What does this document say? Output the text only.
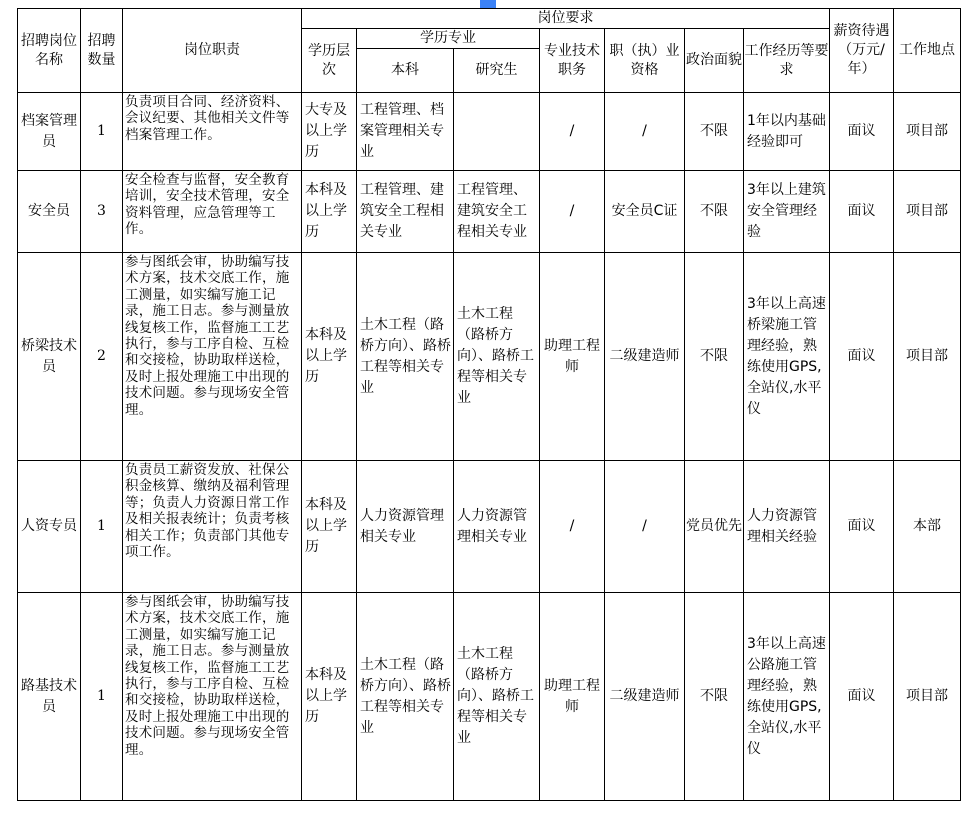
招聘岗位名称	招聘数量	岗位职责	岗位要求							薪资待遇（万元/年）	工作地点
			学历层次	学历专业		专业技术职务	职（执）业资格	政治面貌	工作经历等要求		
				本科	研究生						
档案管理员	1	负责项目合同、经济资料、会议纪要、其他相关文件等档案管理工作。	大专及以上学历	工程管理、档案管理相关专业		/	/	不限	1年以内基础经验即可	面议	项目部
安全员	3	安全检查与监督，安全教育培训，安全技术管理，安全资料管理，应急管理等工作。	本科及以上学历	工程管理、建筑安全工程相关专业	工程管理、建筑安全工程相关专业	/	安全员C证	不限	3年以上建筑安全管理经验	面议	项目部
桥梁技术员	2	参与图纸会审，协助编写技术方案，技术交底工作，施工测量，如实编写施工记录，施工日志。参与测量放线复核工作，监督施工工艺执行，参与工序自检、互检和交接检，协助取样送检，及时上报处理施工中出现的技术问题。参与现场安全管理。	本科及以上学历	土木工程（路桥方向）、路桥工程等相关专业	土木工程（路桥方向）、路桥工程等相关专业	助理工程师	二级建造师	不限	3年以上高速桥梁施工管理经验，熟练使用GPS,全站仪,水平仪	面议	项目部
人资专员	1	负责员工薪资发放、社保公积金核算、缴纳及福利管理等；负责人力资源日常工作及相关报表统计；负责考核相关工作；负责部门其他专项工作。	本科及以上学历	人力资源管理相关专业	人力资源管理相关专业	/	/	党员优先	人力资源管理相关经验	面议	本部
路基技术员	1	参与图纸会审，协助编写技术方案，技术交底工作，施工测量，如实编写施工记录，施工日志。参与测量放线复核工作，监督施工工艺执行，参与工序自检、互检和交接检，协助取样送检，及时上报处理施工中出现的技术问题。参与现场安全管理。	本科及以上学历	土木工程（路桥方向）、路桥工程等相关专业	土木工程（路桥方向）、路桥工程等相关专业	助理工程师	二级建造师	不限	3年以上高速公路施工管理经验，熟练使用GPS,全站仪,水平仪	面议	项目部
